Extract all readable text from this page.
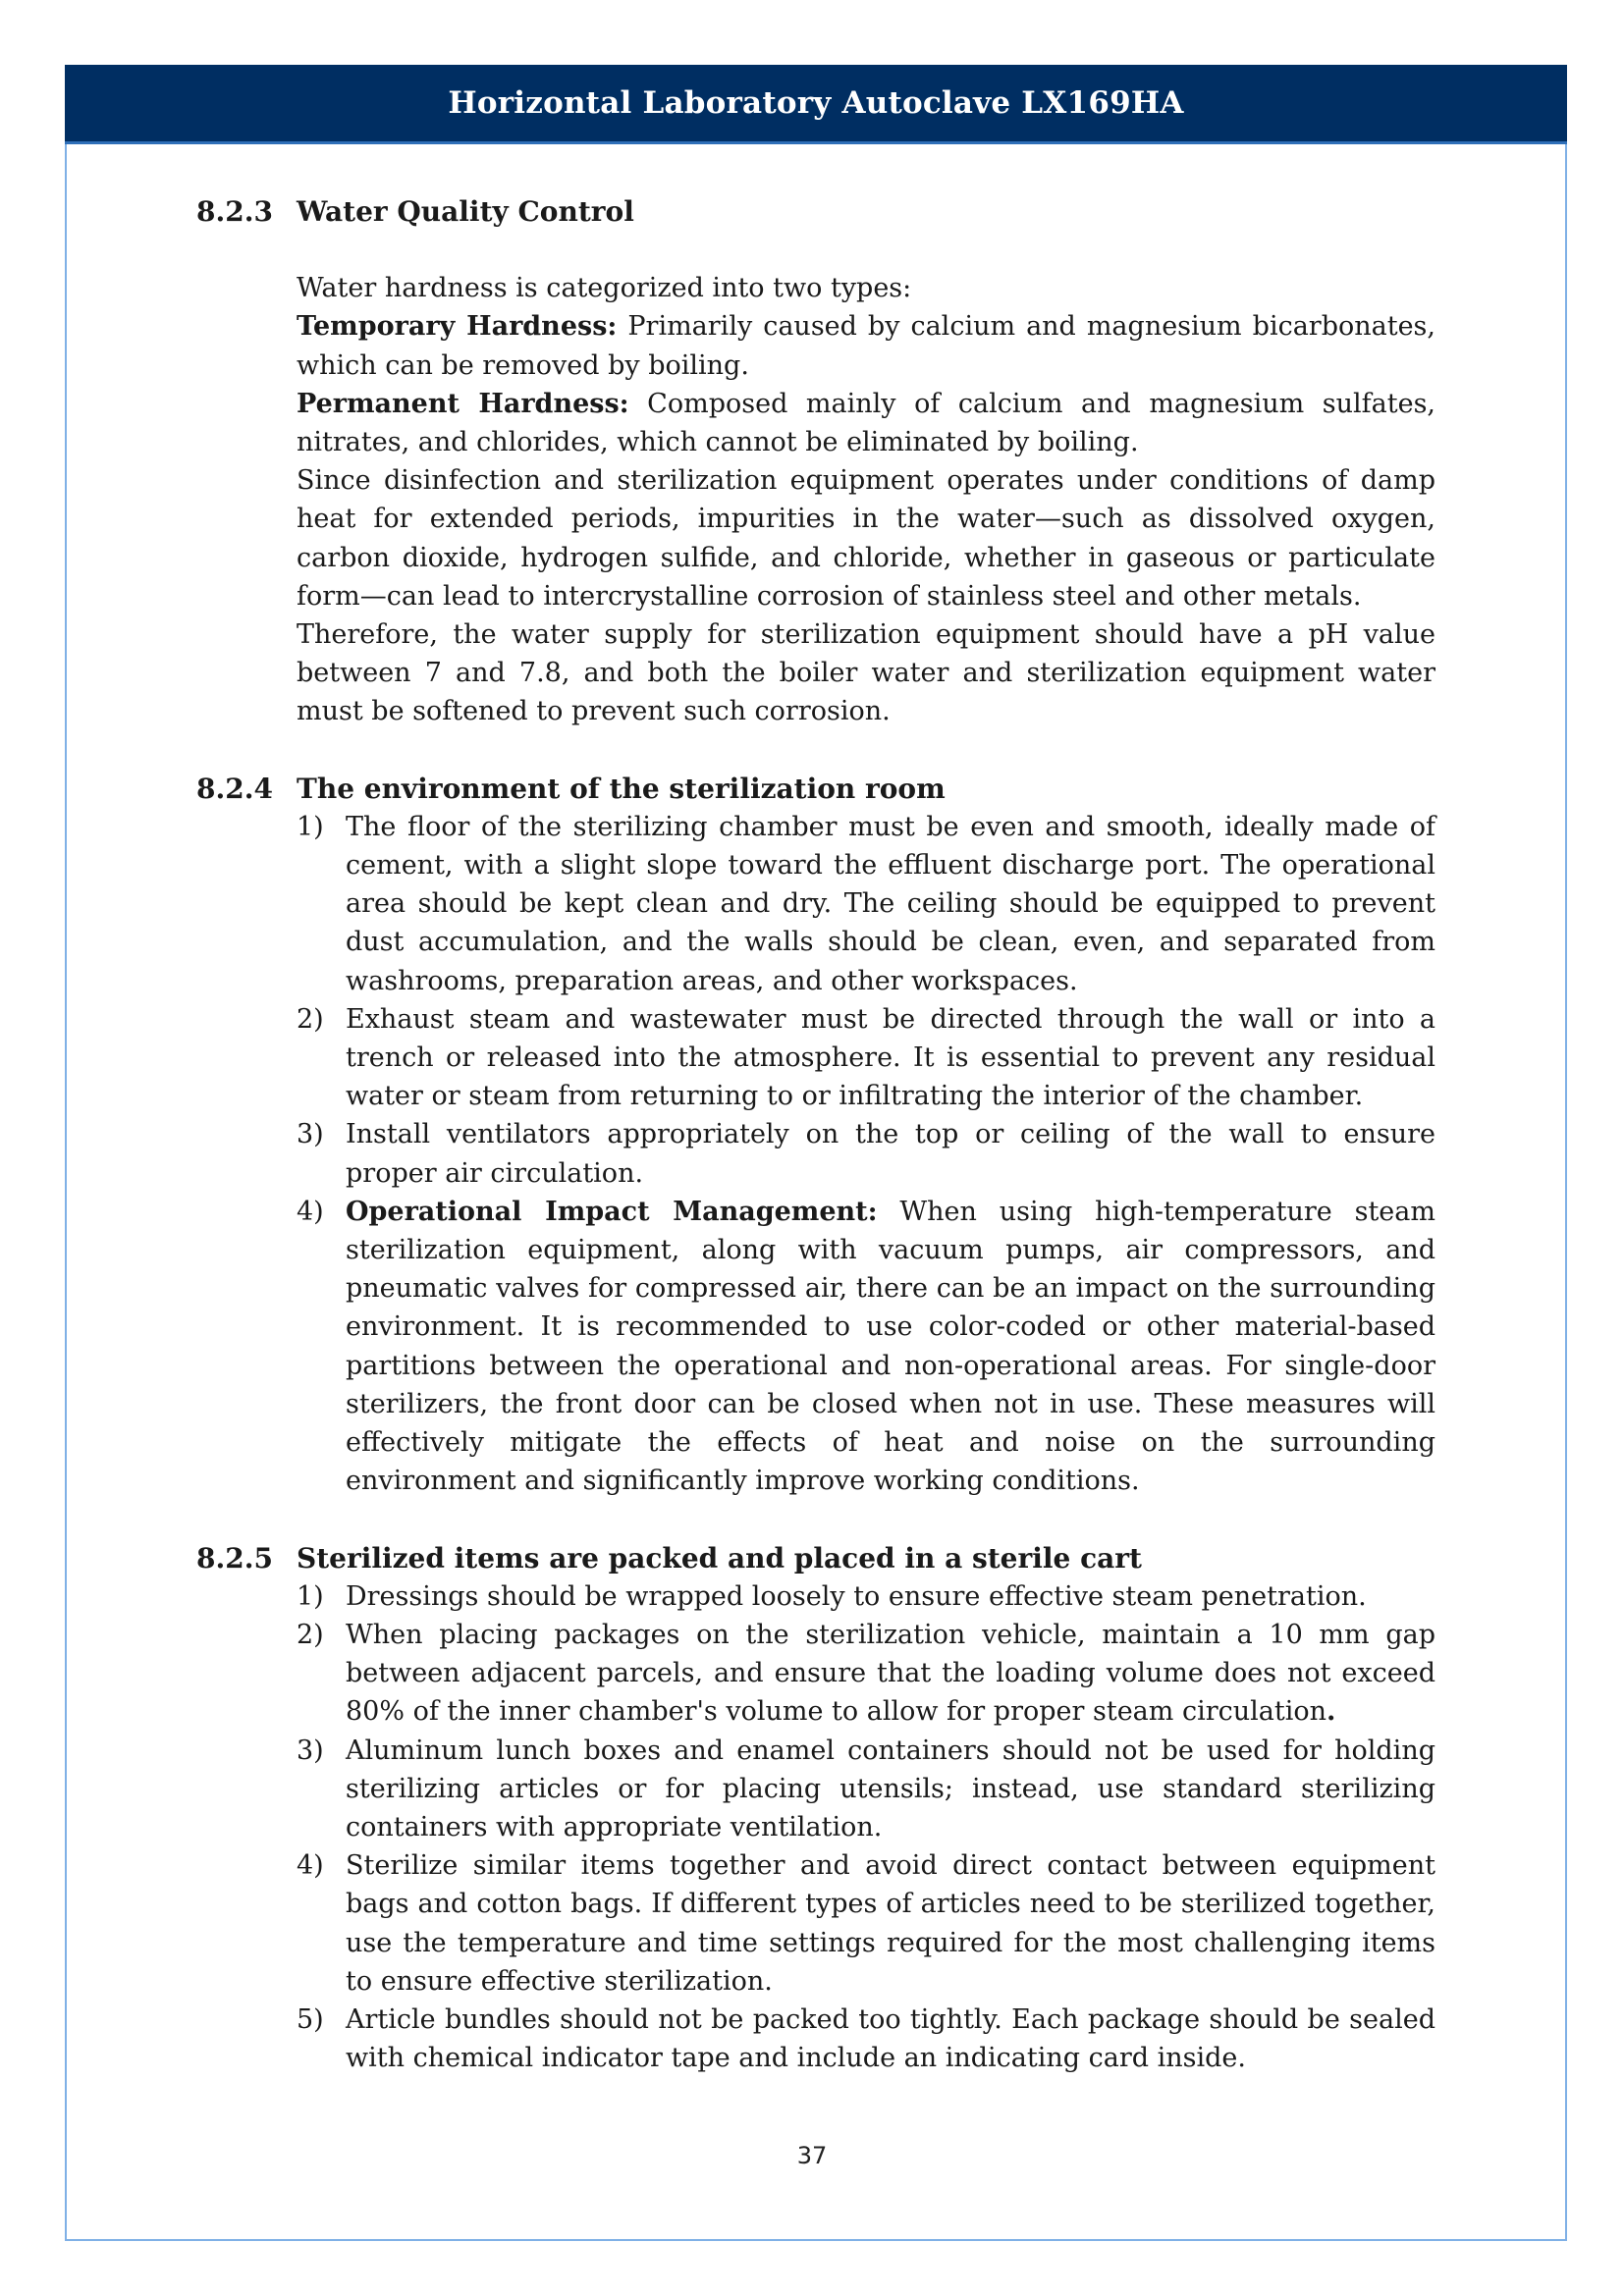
Horizontal Laboratory Autoclave LX169HA
8.2.3 Water Quality Control

Water hardness is categorized into two types:

Temporary Hardness: Primarily caused by calcium and magnesium bicarbonates, which can be removed by boiling.

Permanent Hardness: Composed mainly of calcium and magnesium sulfates, nitrates, and chlorides, which cannot be eliminated by boiling.

Since disinfection and sterilization equipment operates under conditions of damp heat for extended periods, impurities in the water—such as dissolved oxygen, carbon dioxide, hydrogen sulfide, and chloride, whether in gaseous or particulate form—can lead to intercrystalline corrosion of stainless steel and other metals.

Therefore, the water supply for sterilization equipment should have a pH value between 7 and 7.8, and both the boiler water and sterilization equipment water must be softened to prevent such corrosion.

8.2.4 The environment of the sterilization room
1) The floor of the sterilizing chamber must be even and smooth, ideally made of cement, with a slight slope toward the effluent discharge port. The operational area should be kept clean and dry. The ceiling should be equipped to prevent dust accumulation, and the walls should be clean, even, and separated from washrooms, preparation areas, and other workspaces.
2) Exhaust steam and wastewater must be directed through the wall or into a trench or released into the atmosphere. It is essential to prevent any residual water or steam from returning to or infiltrating the interior of the chamber.
3) Install ventilators appropriately on the top or ceiling of the wall to ensure proper air circulation.
4) Operational Impact Management: When using high-temperature steam sterilization equipment, along with vacuum pumps, air compressors, and pneumatic valves for compressed air, there can be an impact on the surrounding environment. It is recommended to use color-coded or other material-based partitions between the operational and non-operational areas. For single-door sterilizers, the front door can be closed when not in use. These measures will effectively mitigate the effects of heat and noise on the surrounding environment and significantly improve working conditions.
8.2.5 Sterilized items are packed and placed in a sterile cart
1) Dressings should be wrapped loosely to ensure effective steam penetration.
2) When placing packages on the sterilization vehicle, maintain a 10 mm gap between adjacent parcels, and ensure that the loading volume does not exceed 80% of the inner chamber's volume to allow for proper steam circulation.
3) Aluminum lunch boxes and enamel containers should not be used for holding sterilizing articles or for placing utensils; instead, use standard sterilizing containers with appropriate ventilation.
4) Sterilize similar items together and avoid direct contact between equipment bags and cotton bags. If different types of articles need to be sterilized together, use the temperature and time settings required for the most challenging items to ensure effective sterilization.
5) Article bundles should not be packed too tightly. Each package should be sealed with chemical indicator tape and include an indicating card inside.
37
